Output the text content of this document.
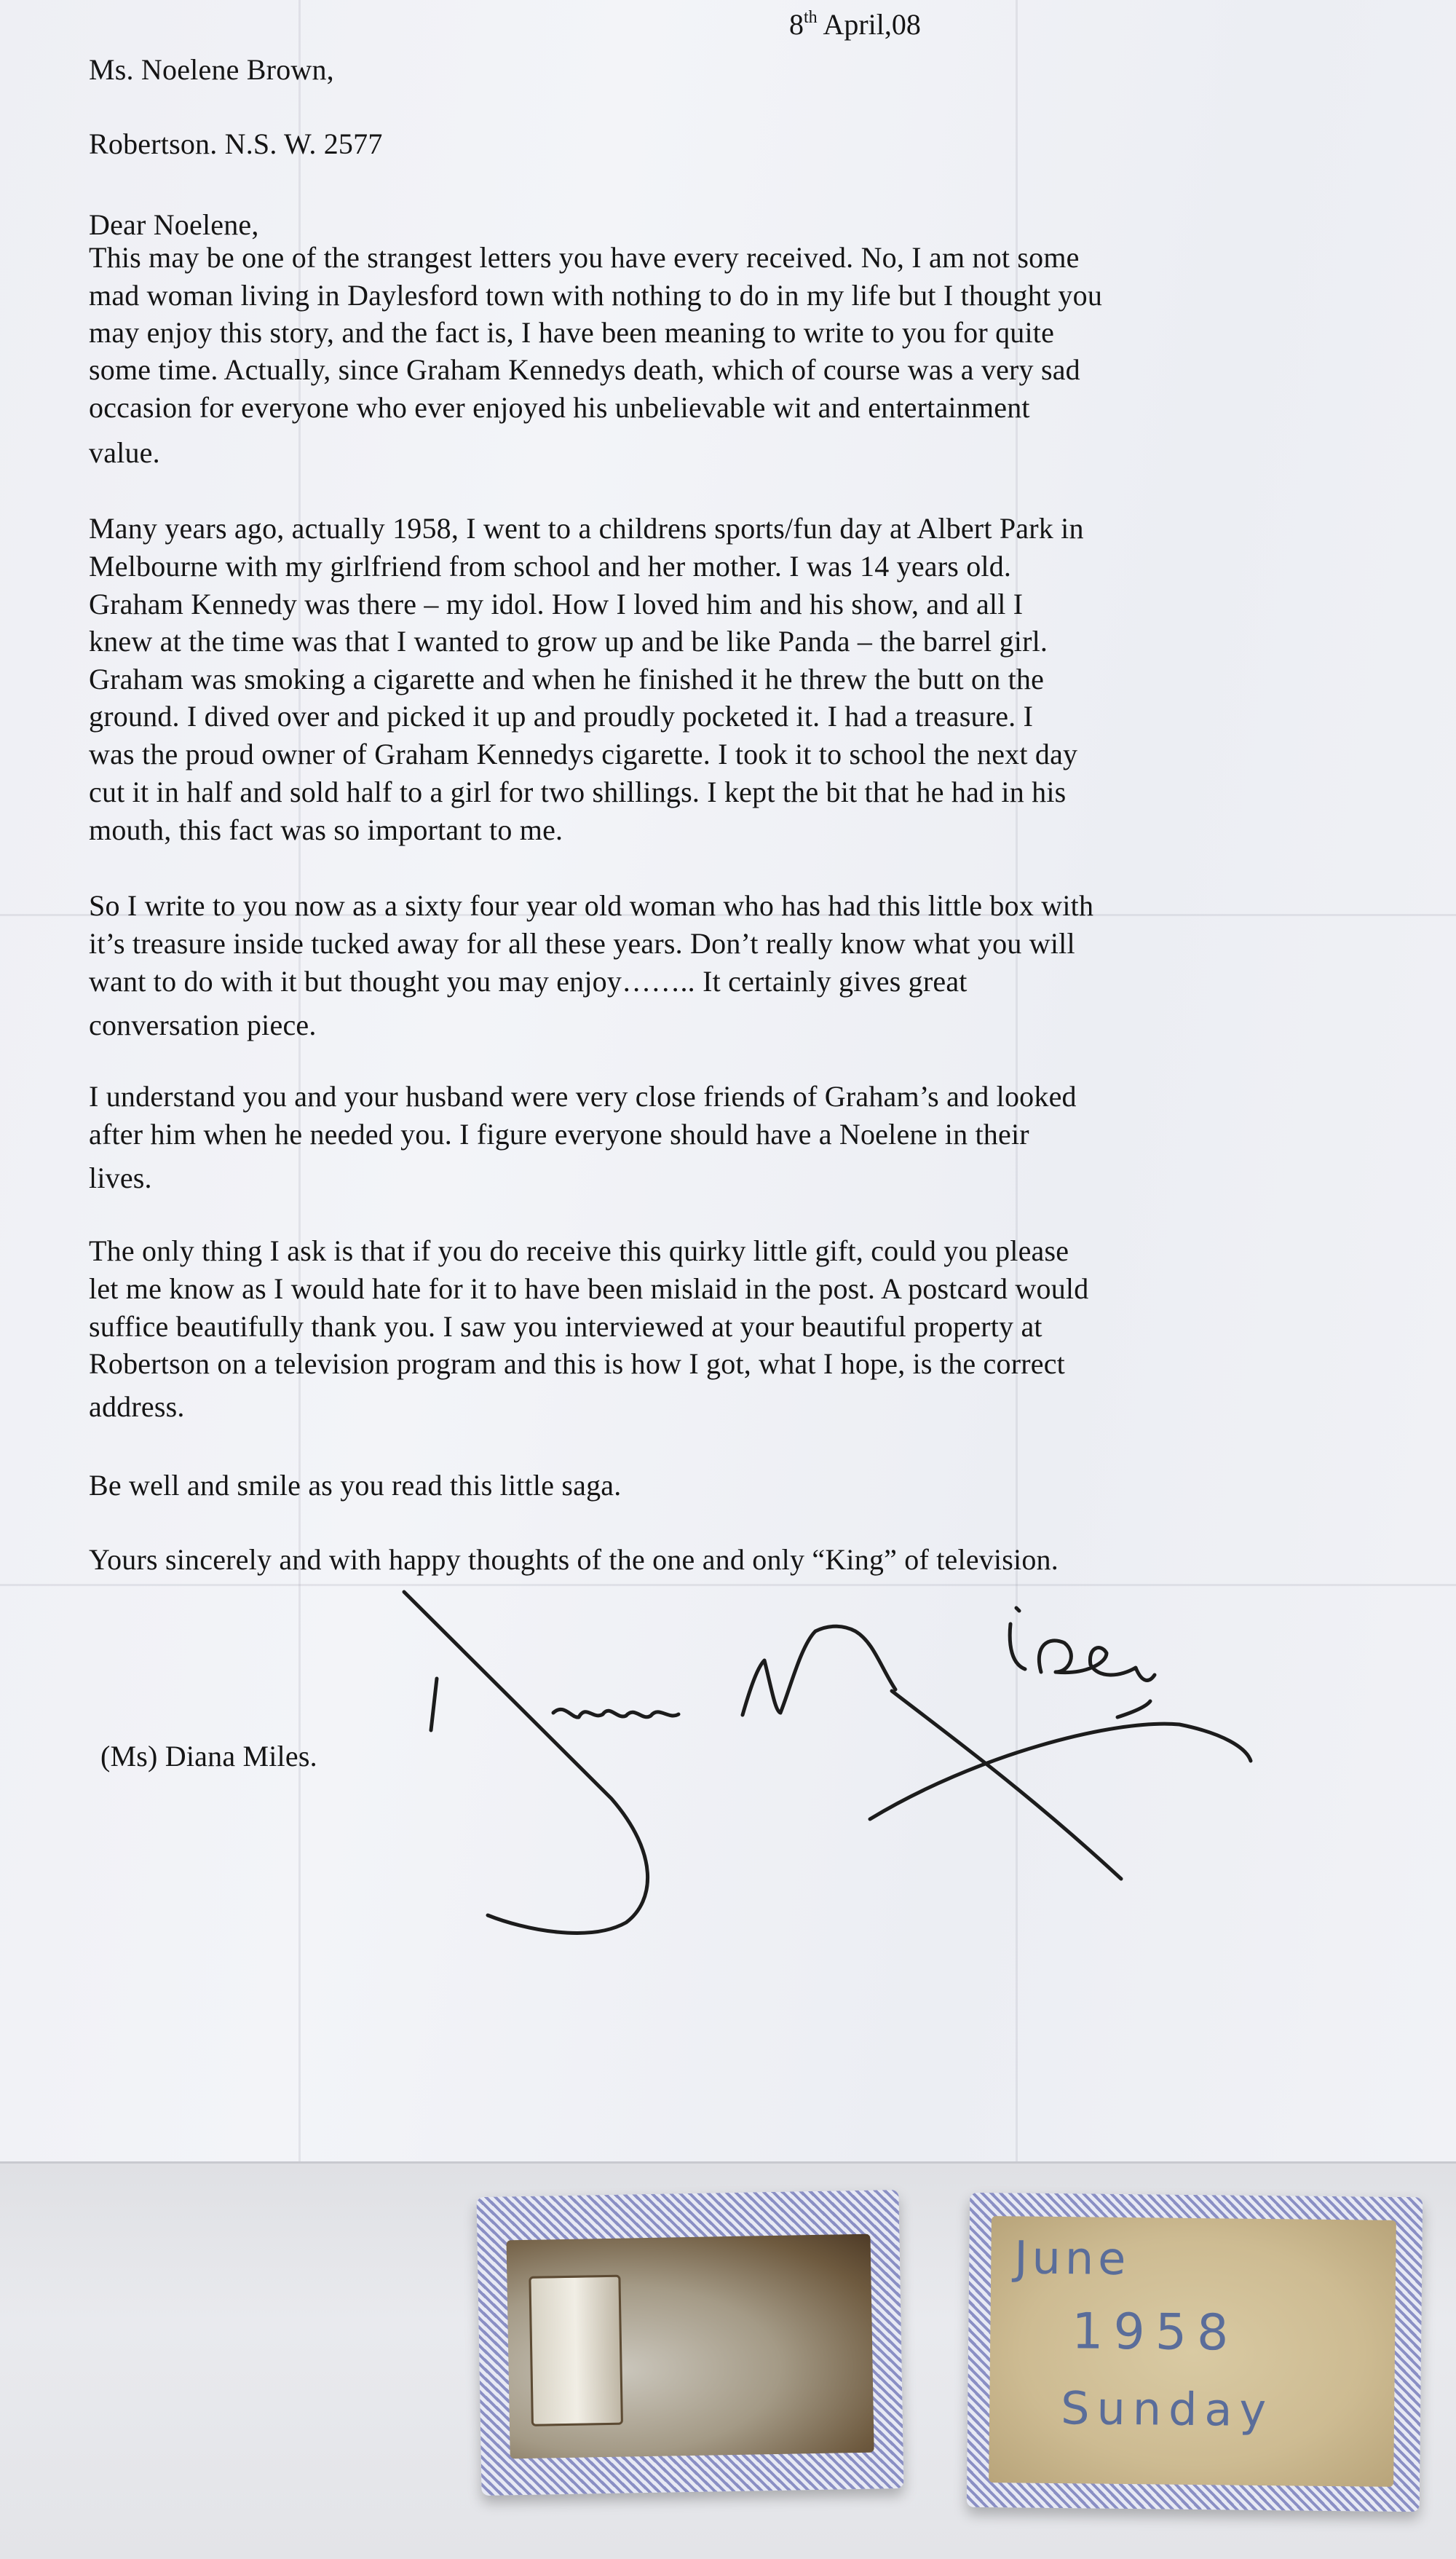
8th April,08

Ms. Noelene Brown,

Robertson. N.S. W. 2577

Dear Noelene,

This may be one of the strangest letters you have every received. No, I am not some

mad woman living in Daylesford town with nothing to do in my life but I thought you

may enjoy this story, and the fact is, I have been meaning to write to you for quite

some time. Actually, since Graham Kennedys death, which of course was a very sad

occasion for everyone who ever enjoyed his unbelievable wit and entertainment

value.

Many years ago, actually 1958, I went to a childrens sports/fun day at Albert Park in

Melbourne with my girlfriend from school and her mother. I was 14 years old.

Graham Kennedy was there – my idol. How I loved him and his show, and all I

knew at the time was that I wanted to grow up and be like Panda – the barrel girl.

Graham was smoking a cigarette and when he finished it he threw the butt on the

ground. I dived over and picked it up and proudly pocketed it. I had a treasure. I

was the proud owner of Graham Kennedys cigarette. I took it to school the next day

cut it in half and sold half to a girl for two shillings. I kept the bit that he had in his

mouth, this fact was so important to me.

So I write to you now as a sixty four year old woman who has had this little box with

it’s treasure inside tucked away for all these years. Don’t really know what you will

want to do with it but thought you may enjoy…….. It certainly gives great

conversation piece.

I understand you and your husband were very close friends of Graham’s and looked

after him when he needed you. I figure everyone should have a Noelene in their

lives.

The only thing I ask is that if you do receive this quirky little gift, could you please

let me know as I would hate for it to have been mislaid in the post. A postcard would

suffice beautifully thank you. I saw you interviewed at your beautiful property at

Robertson on a television program and this is how I got, what I hope, is the correct

address.

Be well and smile as you read this little saga.

Yours sincerely and with happy thoughts of the one and only “King” of television.

(Ms) Diana Miles.

June
1958
Sunday
